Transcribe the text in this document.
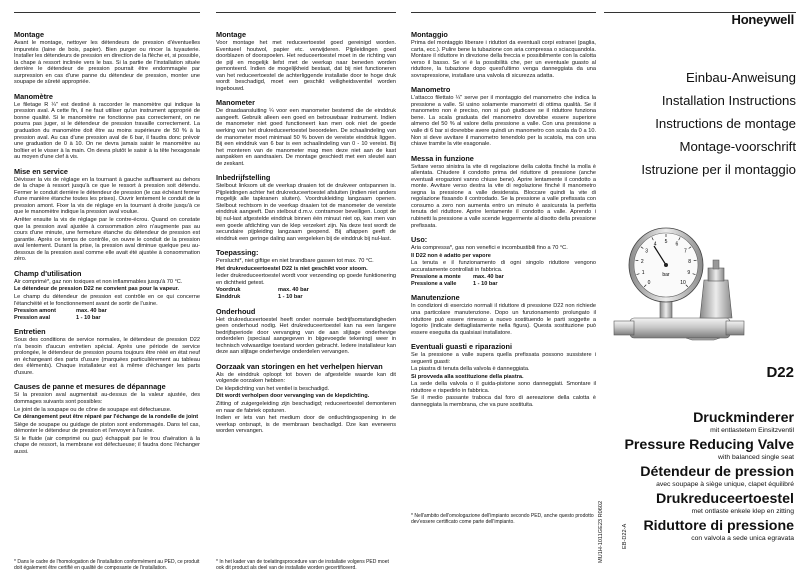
Honeywell
Montage

Avant le montage, nettoyer les détendeurs de pression d'éventuelles impuretés (laine de bois, papier). Bien purger ou rincer la tuyauterie. Installer les détendeurs de pression en direction de la flèche et, si possible, la chape à ressort inclinée vers le bas. Si la partie de l'installation située derrière le détendeur de pression pourrait être endommagée par surpression en cas d'une panne du détendeur de pression, monter une soupape de sûreté appropriée.

Manomètre

Le filetage R ¼" est destiné à raccorder le manomètre qui indique la pression aval. A cette fin, il ne faut utiliser qu'un instrument approprié de bonne qualité. Si le manomètre ne fonctionne pas correctement, on ne pourra pas juger, si le détendeur de pression travaille correctement. La graduation du manomètre doit être au moins supérieure de 50 % à la pression aval. Au cas d'une pression aval de 6 bar, il faudra donc prévoir une graduation de 0 à 10. On ne devra jamais saisir le manomètre au boîtier et le visser à la main. On devra plutôt le saisir à la tête hexagonale au moyen d'une clef à vis.

Mise en service

Dévisser la vis de réglage en la tournant à gauche suffisament au dehors de la chape à ressort jusqu'à ce que le ressort à pression soit détendu. Fermer le conduit derrière le détendeur de pression (le cas échéant fermer d'une manière étanche toutes les prises). Ouvrir lentement le conduit de la pression amont. Fixer la vis de réglage en la tournant à droite jusqu'à ce que le manomètre indique la pression aval voulue.

Arrêter ensuite la vis de réglage par le contre-écrou. Quand on constate que la pression aval ajustée à consommation zéro n'augmente pas au cours d'une minute, une fermeture étanche du détendeur de pression est garantie. Après ce temps de contrôle, on ouvre le conduit de la pression aval lentement. Durant la prise, la pression aval diminue quelque peu au-dessous de la pression aval comme elle avait été ajustée à consommation zéro.

Champ d'utilisation

Air comprimé*, gaz non toxiques et non inflammables jusqu'à 70 °C.

Le détendeur de pression D22 ne convient pas pour la vapeur.

Le champ du détendeur de pression est contrôle en ce qui concerne l'étanchéité et le fonctionnement avant de sortir de l'usine.

Pression amont	max. 40 bar
Pression aval	1 - 10 bar
Entretien

Sous des conditions de service normales, le détendeur de pression D22 n'a besoin d'aucun entretien spécial. Après une période de service prolongée, le détendeur de pression pourra toujours être rééé en état neuf en échangeant des parts d'usure (marquées particulièrement au tableau des éléments). Chaque installateur est à même d'échanger les parts d'usure.

Causes de panne et mesures de dépannage

Si la pression aval augmentait au-dessus de la valeur ajustée, des dommages suivants sont possibles:

Le joint de la soupape ou de cône de soupape est défectueuse.

Ce dérangement peut être réparé par l'échange de la rondelle de joint

Siège de soupape ou guidage de piston sont endommagés. Dans tel cas, démonter le détendeur de pression et l'envoyer à l'usine.

Si le fluide (air comprimé ou gaz) échappait par le trou d'aération à la chape de ressort, la membrane est défectueuse; il faudra donc l'échanger aussi.

* Dans le cadre de l'homologation de l'installation conformément au PED, ce produit doit également être certifié en qualité de composante de l'installation.
Montage

Voor montage het met reduceertoestel goed gereinigd worden. Eventueel houtwol, papier etc. verwijderen. Pijpleidingen goed doorblazen of doorspoelen. Het reduceertoestel moet in de richting van de pijl en mogelijk liefst met de veerkap naar beneden worden gemonteerd. Indien de mogelijkheid bestaat, dat bij niet functioneren van het reduceertoestel de achterliggende installatie door te hoge druk wordt beschadigd, moet een geschikt veiligheidsventiel worden ingebouwd.

Manometer

De draadaansluiting ¼ voor een manometer bestemd die de einddruk aangeeft. Gebruik alleen een goed en betrouwbaar instrument. Indien de manometer niet goed functioneert kan men ook niet de goede werking van het drukreduceertoestel beoordelen. De schaalindeling van de manometer moet minimaal 50 % boven de vereiste einddruk liggen. Bij een einddruk van 6 bar is een schaalindeling van 0 - 10 vereist. Bij het monteren van de manometer mag men deze niet aan de kast aanpakken en aandraaien. De montage geschiedt met een sleutel aan de zeskant.

Inbedrijfstelling

Stelbout linksom uit de veerkap draaien tot de drukveer ontspannen is. Pijpleidingen achter het drukreduceertoestel afsluiten (indien niet anders mogelijk alle tapkranen sluiten). Voordrukleiding langzaam openen. Stelbout rechtsom in de veerkap draaien tot de manometer de vereiste einddruk aangeeft. Dan stelbout d.m.v. contramoer beveiligen. Loopt de bij nul-last afgestelde einddruk binnen één minuut niet op, kan men van een goede afdichting van de klep verzekert zijn. Na deze test wordt de secundaire pijpleiding langzaam geopend. Bij aftappen geeft de einddruk een geringe daling aan vergeleken bij de einddruk bij nul-last.

Toepassing:

Perslucht*, niet giftige en niet brandbare gassen tot max. 70 °C.

Het drukreduceertoestel D22 is niet geschikt voor stoom.

Ieder drukreduceertoestel wordt voor verzending op goede funktionering en dichtheid getest.

Voordruk	max. 40 bar
Einddruk	1 - 10 bar
Onderhoud

Het drukreduceertoestel heeft onder normale bedrijfsomstandigheden geen onderhoud nodig. Het drukreduceertoestel kan na een langere bedrijfsperiode door vervanging van de aan slijtage onderhevige onderdelen (speciaal aangegeven in bijgevoegde tekening) weer in technisch volwaardige toestand worden gebracht. Iedere installateur kan deze aan slijtage onderhevige onderdelen vervangen.

Oorzaak van storingen en het verhelpen hiervan

Als de einddruk oploopt tot boven de afgestelde waarde kan dit volgende oorzaken hebben:

De klepdichting van het ventiel is beschadigd.

Dit wordt verholpen door vervanging van de klepdichting.

Zitting of zuigergeleiding zijn beschadigd; reduceertoestel demonteren en naar de fabriek opsturen.

Indien er iets van het medium door de ontluchtingsopening in de veerkap ontsnapt, is de membraan beschadigd. Dze kan eveneens worden vervangen.

* In het kader van de toelatingsprocedure van de installatie volgens PED moet ook dit product als deel van de installatie worden gecertificeerd.
Montaggio

Prima del montaggio liberare i riduttori da eventuali corpi estranei (paglia, carta, ecc.). Pulire bene la tubazione con aria compressa o sciacquandola. Montare il riduttore in direzione della freccia e possibilmente con la calotta verso il basso. Se vi è la possibilità che, per un eventuale guasto al riduttore, la tubazione dopo quest'ultimo venga danneggiata da una sovrapressione, installare una valvola di sicurezza adatta.

Manometro

L'attacco filettato ¼" serve per il montaggio del manometro che indica la pressione a valle. Si usino solamente manometri di ottima qualità. Se il manometro non è preciso, non si può giudicare se il riduttore funziona bene. La scala graduata del manometro dovrebbe essere superiore almeno del 50 % al valore della pressione a valle. Con una pressione a valle di 6 bar si dovrebbe avere quindi un manometro con scala da 0 a 10. Non si deve avvitare il manometro tenendolo per la scatola, ma con una chiave tramite la vite esagonale.

Messa in funzione

Svitare verso sinistra la vite di regolazione della calotta finché la molla è allentata. Chiudere il condotto prima del riduttore di pressione (anche eventuali erogazioni vanno chiuse bene). Aprire lentamente il condotto a monte. Avvitare verso destra la vite di regolazione finché il manometro segna la pressione a valle desiderata. Bloccare quindi la vite di regolazione fissando il controdado. Se la pressione a valle prefissata con consumo a zero non aumenta entro un minuto è assicurata la perfetta tenuta del riduttore. Aprire lentamente il condotto a valle. Aprendo i rubinetti la pressione a valle scende leggermente al disotto della pressione prefissata.

Uso:

Aria compressa*, gas non venefici e incombustibili fino a 70 °C.

Il D22 non è adatto per vapore

La tenuta e il funzionamento di ogni singolo riduttore vengono accuratamente controllati in fabbrica.

Pressione a monte	max. 40 bar
Pressione a valle	1 - 10 bar
Manutenzione

In condizioni di esercizio normali il riduttore di pressione D22 non richiede una particolare manutenzione. Dopo un funzionamento prolungato il riduttore può essere rimesso a nuovo sostituendo le parti soggette a logorio (indicate dettagliatamente nella figura). Questa sostituzione può essere eseguita da qualsiasi installatore.

Eventuali guasti e riparazioni

Se la pressione a valle supera quella prefissata possono sussistere i seguenti guasti:

La piastra di tenuta della valvola è danneggiata.

Si provveda alla sostituzione della piastra.

La sede della valvola o il guida-pistone sono danneggiati. Smontare il riduttore e rispedirlo in fabbrica.

Se il medio passante traboca dal foro di aereazione della calotta è danneggiata la membrana, che va pure sostituita.

* Nell'ambito dell'omologazione dell'impianto secondo PED, anche questo prodotto dev'essere certificato come parte dell'impianto.
Einbau-Anweisung
Installation Instructions
Instructions de montage
Montage-voorschrift
Istruzione per il montaggio
0
1
2
3
4 5 6
7
8
9
10
bar
D22
Druckminderer
mit entlastetem Einsitzventil
Pressure Reducing Valve
with balanced single seat
Détendeur de pression
avec soupape à siège unique, clapet équilibré
Drukreduceertoestel
met ontlaste enkele klep en zitting
Riduttore di pressione
con valvola a sede unica egravata
MU1H-1011GE23 R0602	EB-D22-A
